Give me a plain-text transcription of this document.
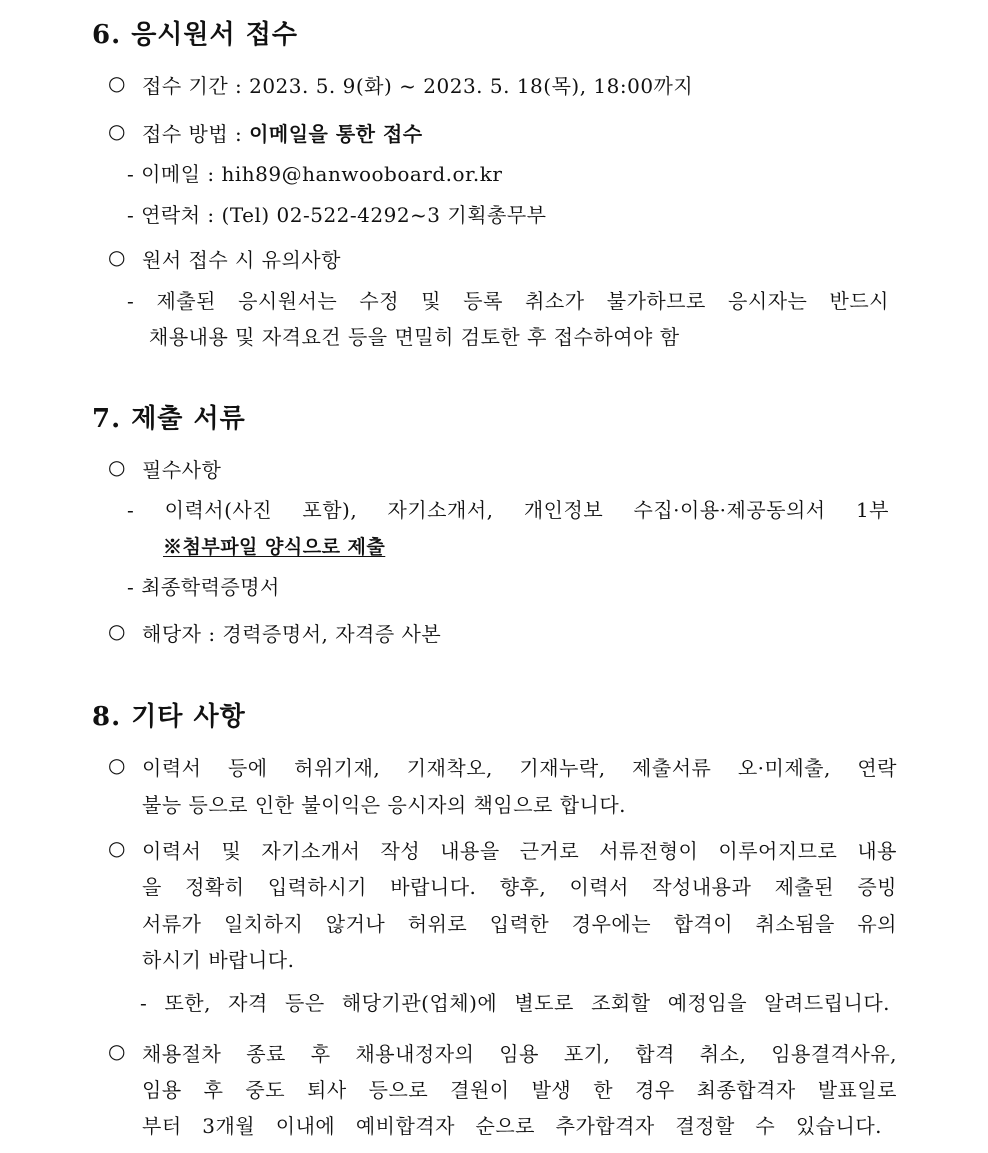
6. 응시원서 접수
○ 접수 기간 : 2023. 5. 9(화) ~ 2023. 5. 18(목), 18:00까지
○ 접수 방법 : 이메일을 통한 접수
- 이메일 : hih89@hanwooboard.or.kr
- 연락처 : (Tel) 02-522-4292~3 기획총무부
○ 원서 접수 시 유의사항
- 제출된 응시원서는 수정 및 등록 취소가 불가하므로 응시자는 반드시
채용내용 및 자격요건 등을 면밀히 검토한 후 접수하여야 함
7. 제출 서류
○ 필수사항
- 이력서(사진 포함), 자기소개서, 개인정보 수집·이용·제공동의서 1부
※첨부파일 양식으로 제출
- 최종학력증명서
○ 해당자 : 경력증명서, 자격증 사본
8. 기타 사항
○ 이력서 등에 허위기재, 기재착오, 기재누락, 제출서류 오·미제출, 연락
불능 등으로 인한 불이익은 응시자의 책임으로 합니다.
○ 이력서 및 자기소개서 작성 내용을 근거로 서류전형이 이루어지므로 내용
을 정확히 입력하시기 바랍니다. 향후, 이력서 작성내용과 제출된 증빙
서류가 일치하지 않거나 허위로 입력한 경우에는 합격이 취소됨을 유의
하시기 바랍니다.
- 또한, 자격 등은 해당기관(업체)에 별도로 조회할 예정임을 알려드립니다.
○ 채용절차 종료 후 채용내정자의 임용 포기, 합격 취소, 임용결격사유,
임용 후 중도 퇴사 등으로 결원이 발생 한 경우 최종합격자 발표일로
부터 3개월 이내에 예비합격자 순으로 추가합격자 결정할 수 있습니다.
